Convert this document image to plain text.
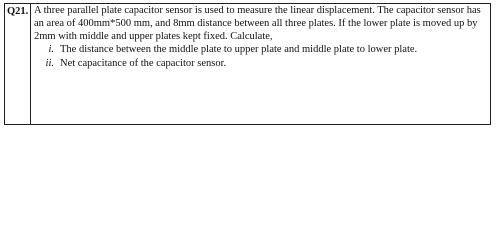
Q21. A three parallel plate capacitor sensor is used to measure the linear displacement. The capacitor sensor has an area of 400mm*500 mm, and 8mm distance between all three plates. If the lower plate is moved up by 2mm with middle and upper plates kept fixed. Calculate,

i. The distance between the middle plate to upper plate and middle plate to lower plate.
ii. Net capacitance of the capacitor sensor.
